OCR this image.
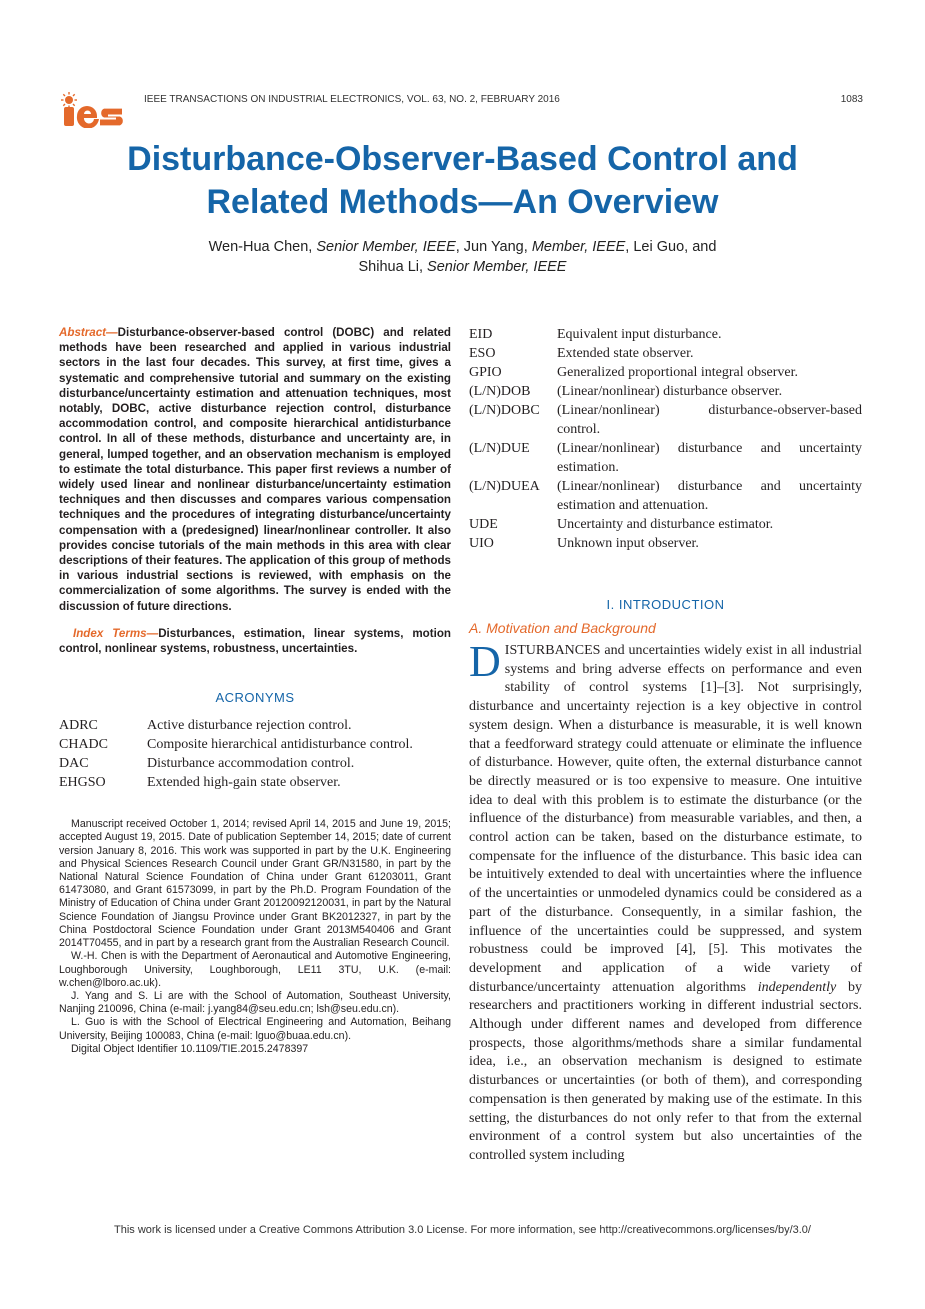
ies
IEEE TRANSACTIONS ON INDUSTRIAL ELECTRONICS, VOL. 63, NO. 2, FEBRUARY 2016	1083
Disturbance-Observer-Based Control and
Related Methods—An Overview
Wen-Hua Chen, Senior Member, IEEE, Jun Yang, Member, IEEE, Lei Guo, and
Shihua Li, Senior Member, IEEE

Abstract—Disturbance-observer-based control (DOBC) and related methods have been researched and applied in various industrial sectors in the last four decades. This survey, at first time, gives a systematic and comprehensive tutorial and summary on the existing disturbance/uncertainty estimation and attenuation techniques, most notably, DOBC, active disturbance rejection control, disturbance accommodation control, and composite hierarchical antidisturbance control. In all of these methods, disturbance and uncertainty are, in general, lumped together, and an observation mechanism is employed to estimate the total disturbance. This paper first reviews a number of widely used linear and nonlinear disturbance/uncertainty estimation techniques and then discusses and compares various compensation techniques and the procedures of integrating disturbance/uncertainty compensation with a (predesigned) linear/nonlinear controller. It also provides concise tutorials of the main methods in this area with clear descriptions of their features. The application of this group of methods in various industrial sections is reviewed, with emphasis on the commercialization of some algorithms. The survey is ended with the discussion of future directions.

Index Terms—Disturbances, estimation, linear systems, motion control, nonlinear systems, robustness, uncertainties.

ACRONYMS
ADRC	Active disturbance rejection control.
CHADC	Composite hierarchical antidisturbance control.
DAC	Disturbance accommodation control.
EHGSO	Extended high-gain state observer.

Manuscript received October 1, 2014; revised April 14, 2015 and June 19, 2015; accepted August 19, 2015. Date of publication September 14, 2015; date of current version January 8, 2016. This work was supported in part by the U.K. Engineering and Physical Sciences Research Council under Grant GR/N31580, in part by the National Natural Science Foundation of China under Grant 61203011, Grant 61473080, and Grant 61573099, in part by the Ph.D. Program Foundation of the Ministry of Education of China under Grant 20120092120031, in part by the Natural Science Foundation of Jiangsu Province under Grant BK2012327, in part by the China Postdoctoral Science Foundation under Grant 2013M540406 and Grant 2014T70455, and in part by a research grant from the Australian Research Council.

W.-H. Chen is with the Department of Aeronautical and Automotive Engineering, Loughborough University, Loughborough, LE11 3TU, U.K. (e-mail: w.chen@lboro.ac.uk).

J. Yang and S. Li are with the School of Automation, Southeast University, Nanjing 210096, China (e-mail: j.yang84@seu.edu.cn; lsh@seu.edu.cn).

L. Guo is with the School of Electrical Engineering and Automation, Beihang University, Beijing 100083, China (e-mail: lguo@buaa.edu.cn).

Digital Object Identifier 10.1109/TIE.2015.2478397

EID	Equivalent input disturbance.
ESO	Extended state observer.
GPIO	Generalized proportional integral observer.
(L/N)DOB	(Linear/nonlinear) disturbance observer.
(L/N)DOBC	(Linear/nonlinear) disturbance-observer-based control.
(L/N)DUE	(Linear/nonlinear) disturbance and uncertainty estimation.
(L/N)DUEA	(Linear/nonlinear) disturbance and uncertainty estimation and attenuation.
UDE	Uncertainty and disturbance estimator.
UIO	Unknown input observer.
I. INTRODUCTION

A. Motivation and Background

DISTURBANCES and uncertainties widely exist in all industrial systems and bring adverse effects on performance and even stability of control systems [1]–[3]. Not surprisingly, disturbance and uncertainty rejection is a key objective in control system design. When a disturbance is measurable, it is well known that a feedforward strategy could attenuate or eliminate the influence of disturbance. However, quite often, the external disturbance cannot be directly measured or is too expensive to measure. One intuitive idea to deal with this problem is to estimate the disturbance (or the influence of the disturbance) from measurable variables, and then, a control action can be taken, based on the disturbance estimate, to compensate for the influence of the disturbance. This basic idea can be intuitively extended to deal with uncertainties where the influence of the uncertainties or unmodeled dynamics could be considered as a part of the disturbance. Consequently, in a similar fashion, the influence of the uncertainties could be suppressed, and system robustness could be improved [4], [5]. This motivates the development and application of a wide variety of disturbance/uncertainty attenuation algorithms independently by researchers and practitioners working in different industrial sectors. Although under different names and developed from difference prospects, those algorithms/methods share a similar fundamental idea, i.e., an observation mechanism is designed to estimate disturbances or uncertainties (or both of them), and corresponding compensation is then generated by making use of the estimate. In this setting, the disturbances do not only refer to that from the external environment of a control system but also uncertainties of the controlled system including

This work is licensed under a Creative Commons Attribution 3.0 License. For more information, see http://creativecommons.org/licenses/by/3.0/
